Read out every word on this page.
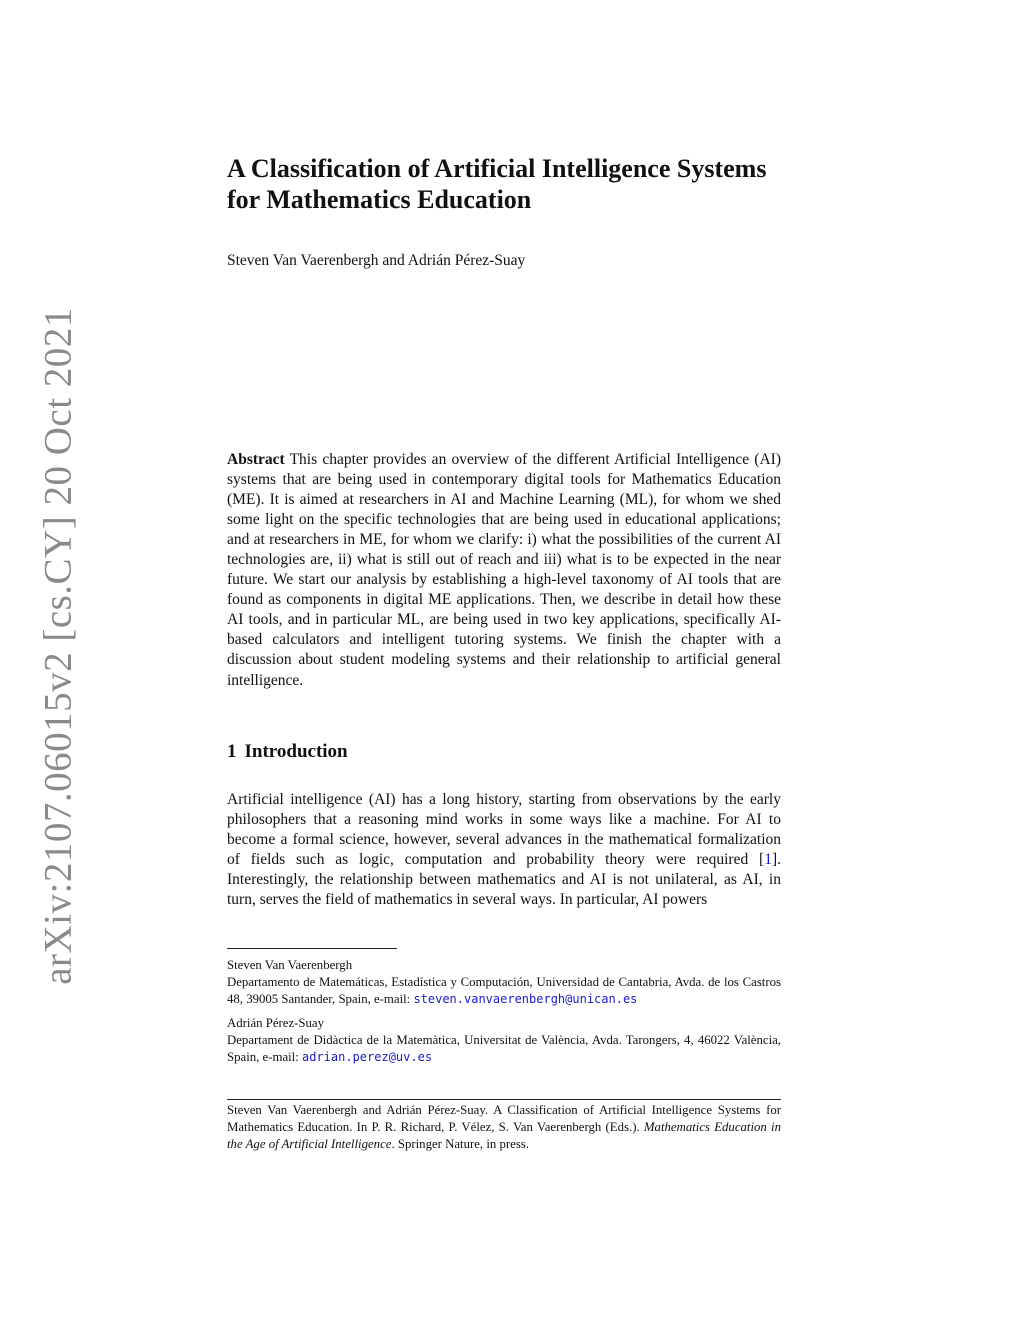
arXiv:2107.06015v2 [cs.CY] 20 Oct 2021
A Classification of Artificial Intelligence Systems
for Mathematics Education

Steven Van Vaerenbergh and Adrián Pérez-Suay

Abstract This chapter provides an overview of the different Artificial Intelligence (AI) systems that are being used in contemporary digital tools for Mathematics Education (ME). It is aimed at researchers in AI and Machine Learning (ML), for whom we shed some light on the specific technologies that are being used in educational applications; and at researchers in ME, for whom we clarify: i) what the possibilities of the current AI technologies are, ii) what is still out of reach and iii) what is to be expected in the near future. We start our analysis by establishing a high-level taxonomy of AI tools that are found as components in digital ME applications. Then, we describe in detail how these AI tools, and in particular ML, are being used in two key applications, specifically AI-based calculators and intelligent tutoring systems. We finish the chapter with a discussion about student modeling systems and their relationship to artificial general intelligence.

1 Introduction

Artificial intelligence (AI) has a long history, starting from observations by the early philosophers that a reasoning mind works in some ways like a machine. For AI to become a formal science, however, several advances in the mathematical formalization of fields such as logic, computation and probability theory were required [1]. Interestingly, the relationship between mathematics and AI is not unilateral, as AI, in turn, serves the field of mathematics in several ways. In particular, AI powers

Steven Van Vaerenbergh
Departamento de Matemáticas, Estadística y Computación, Universidad de Cantabria, Avda. de los Castros 48, 39005 Santander, Spain, e-mail: steven.vanvaerenbergh@unican.es

Adrián Pérez-Suay
Departament de Didàctica de la Matemàtica, Universitat de València, Avda. Tarongers, 4, 46022 València, Spain, e-mail: adrian.perez@uv.es

Steven Van Vaerenbergh and Adrián Pérez-Suay. A Classification of Artificial Intelligence Systems for Mathematics Education. In P. R. Richard, P. Vélez, S. Van Vaerenbergh (Eds.). Mathematics Education in the Age of Artificial Intelligence. Springer Nature, in press.
